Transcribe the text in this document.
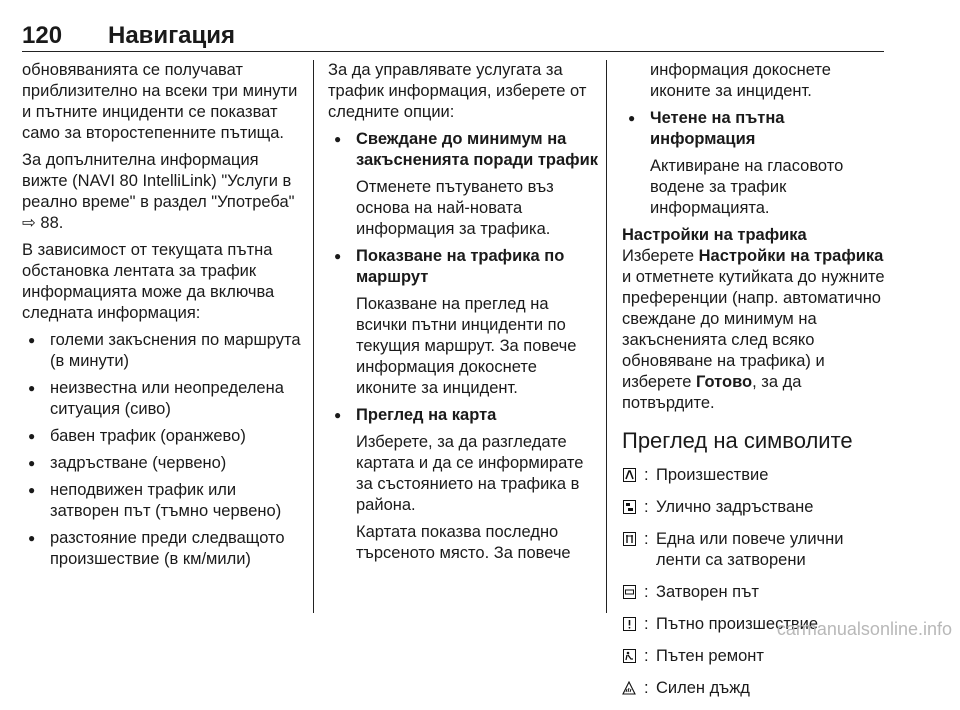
120 Навигация

обновяванията се получават приблизително на всеки три минути и пътните инциденти се показват само за второстепенните пътища.

За допълнителна информация вижте (NAVI 80 IntelliLink) "Услуги в реално време" в раздел "Употреба" ⇨ 88.

В зависимост от текущата пътна обстановка лентата за трафик информацията може да включва следната информация:

● големи закъснения по маршрута (в минути)
● неизвестна или неопределена ситуация (сиво)
● бавен трафик (оранжево)
● задръстване (червено)
● неподвижен трафик или затворен път (тъмно червено)
● разстояние преди следващото произшествие (в км/мили)

За да управлявате услугата за трафик информация, изберете от следните опции:

● Свеждане до минимум на закъсненията поради трафик
Отменете пътуването въз основа на най-новата информация за трафика.
● Показване на трафика по маршрут
Показване на преглед на всички пътни инциденти по текущия маршрут. За повече информация докоснете иконите за инцидент.
● Преглед на карта
Изберете, за да разгледате картата и да се информирате за състоянието на трафика в района.
Картата показва последно търсеното място. За повече
информация докоснете иконите за инцидент.
● Четене на пътна информация
Активиране на гласовото водене за трафик информацията.
Настройки на трафика

Изберете Настройки на трафика и отметнете кутийката до нужните преференции (напр. автоматично свеждане до минимум на закъсненията след всяко обновяване на трафика) и изберете Готово, за да потвърдите.

Преглед на символите
: Произшествие
: Улично задръстване
: Една или повече улични ленти са затворени
: Затворен път
: Пътно произшествие
: Пътен ремонт
: Силен дъжд
carmanualsonline.info
